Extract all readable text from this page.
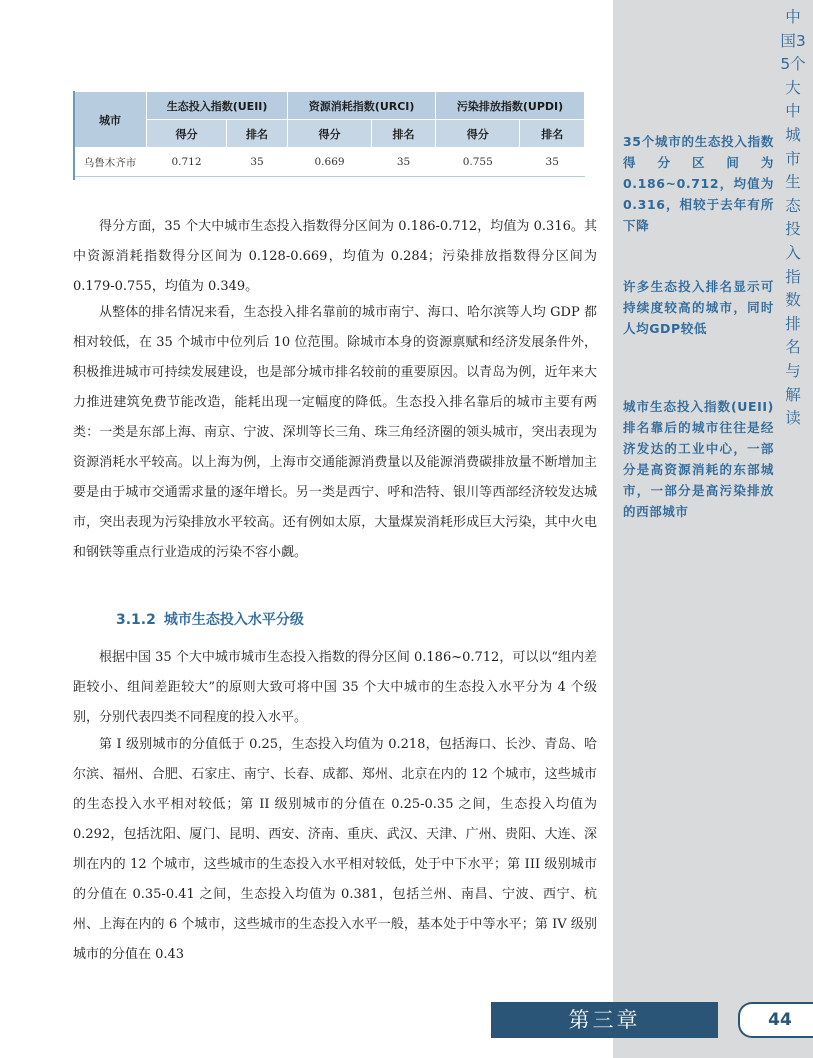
中国35个大中城市生态投入指数排名与解读
35个城市的生态投入指数得分区间为0.186~0.712，均值为0.316，相较于去年有所下降
许多生态投入排名显示可持续度较高的城市，同时人均GDP较低
城市生态投入指数(UEII)排名靠后的城市往往是经济发达的工业中心，一部分是高资源消耗的东部城市，一部分是高污染排放的西部城市
城市	生态投入指数(UEII)		资源消耗指数(URCI)		污染排放指数(UPDI)	
	得分	排名	得分	排名	得分	排名
乌鲁木齐市	0.712	35	0.669	35	0.755	35

得分方面，35 个大中城市生态投入指数得分区间为 0.186-0.712，均值为 0.316。其中资源消耗指数得分区间为 0.128-0.669，均值为 0.284；污染排放指数得分区间为 0.179-0.755，均值为 0.349。

从整体的排名情况来看，生态投入排名靠前的城市南宁、海口、哈尔滨等人均 GDP 都相对较低，在 35 个城市中位列后 10 位范围。除城市本身的资源禀赋和经济发展条件外，积极推进城市可持续发展建设，也是部分城市排名较前的重要原因。以青岛为例，近年来大力推进建筑免费节能改造，能耗出现一定幅度的降低。生态投入排名靠后的城市主要有两类：一类是东部上海、南京、宁波、深圳等长三角、珠三角经济圈的领头城市，突出表现为资源消耗水平较高。以上海为例，上海市交通能源消费量以及能源消费碳排放量不断增加主要是由于城市交通需求量的逐年增长。另一类是西宁、呼和浩特、银川等西部经济较发达城市，突出表现为污染排放水平较高。还有例如太原，大量煤炭消耗形成巨大污染，其中火电和钢铁等重点行业造成的污染不容小觑。

3.1.2 城市生态投入水平分级

根据中国 35 个大中城市城市生态投入指数的得分区间 0.186~0.712，可以以“组内差距较小、组间差距较大”的原则大致可将中国 35 个大中城市的生态投入水平分为 4 个级别，分别代表四类不同程度的投入水平。

第 I 级别城市的分值低于 0.25，生态投入均值为 0.218，包括海口、长沙、青岛、哈尔滨、福州、合肥、石家庄、南宁、长春、成都、郑州、北京在内的 12 个城市，这些城市的生态投入水平相对较低；第 II 级别城市的分值在 0.25-0.35 之间，生态投入均值为 0.292，包括沈阳、厦门、昆明、西安、济南、重庆、武汉、天津、广州、贵阳、大连、深圳在内的 12 个城市，这些城市的生态投入水平相对较低，处于中下水平；第 III 级别城市的分值在 0.35-0.41 之间，生态投入均值为 0.381，包括兰州、南昌、宁波、西宁、杭州、上海在内的 6 个城市，这些城市的生态投入水平一般，基本处于中等水平；第 IV 级别城市的分值在 0.43

第三章	44
